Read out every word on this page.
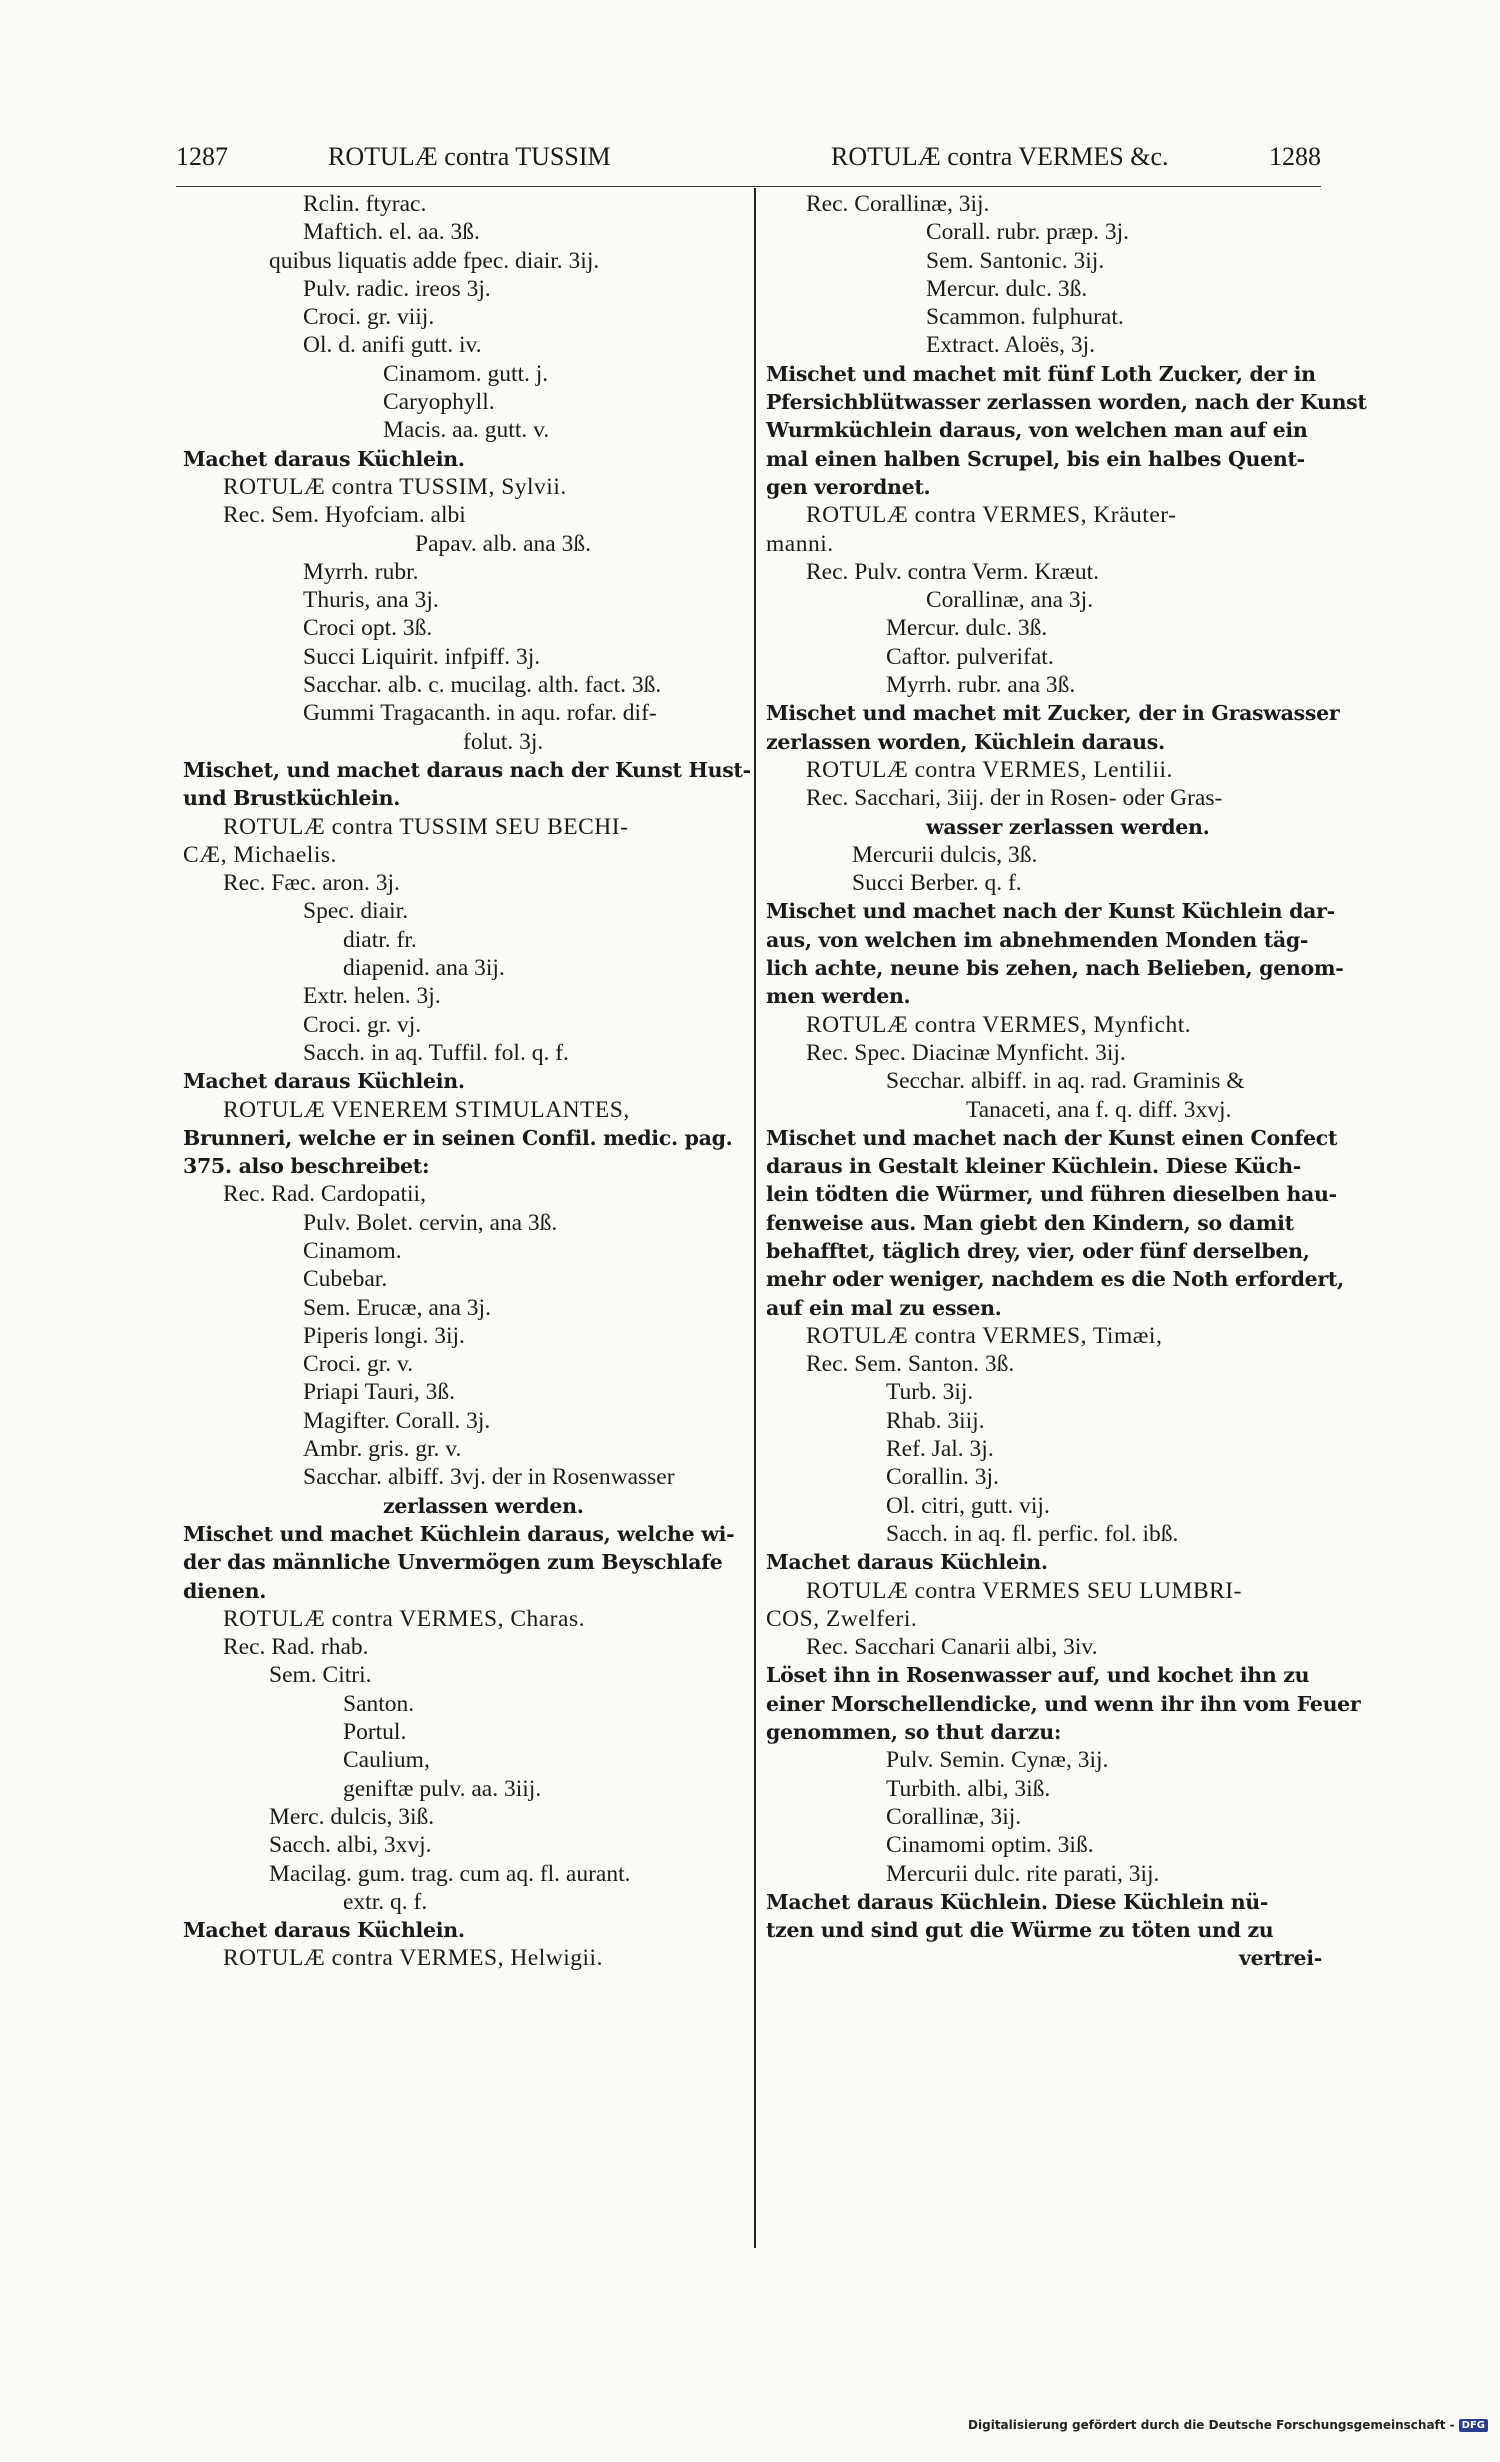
1287	ROTULÆ contra TUSSIM	ROTULÆ contra VERMES &c.	1288
Rclin. ftyrac.
Maftich. el. aa. 3ß.
quibus liquatis adde fpec. diair. 3ij.
Pulv. radic. ireos 3j.
Croci. gr. viij.
Ol. d. anifi gutt. iv.
Cinamom. gutt. j.
Caryophyll.
Macis. aa. gutt. v.
Machet daraus Küchlein.
ROTULÆ contra TUSSIM, Sylvii.
Rec. Sem. Hyofciam. albi
Papav. alb. ana 3ß.
Myrrh. rubr.
Thuris, ana 3j.
Croci opt. 3ß.
Succi Liquirit. infpiff. 3j.
Sacchar. alb. c. mucilag. alth. fact. 3ß.
Gummi Tragacanth. in aqu. rofar. dif-
folut. 3j.
Mischet, und machet daraus nach der Kunst Hust-
und Brustküchlein.
ROTULÆ contra TUSSIM SEU BECHI-
CÆ, Michaelis.
Rec. Fæc. aron. 3j.
Spec. diair.
diatr. fr.
diapenid. ana 3ij.
Extr. helen. 3j.
Croci. gr. vj.
Sacch. in aq. Tuffil. fol. q. f.
Machet daraus Küchlein.
ROTULÆ VENEREM STIMULANTES,
Brunneri, welche er in seinen Confil. medic. pag.
375. also beschreibet:
Rec. Rad. Cardopatii,
Pulv. Bolet. cervin, ana 3ß.
Cinamom.
Cubebar.
Sem. Erucæ, ana 3j.
Piperis longi. 3ij.
Croci. gr. v.
Priapi Tauri, 3ß.
Magifter. Corall. 3j.
Ambr. gris. gr. v.
Sacchar. albiff. 3vj. der in Rosenwasser
zerlassen werden.
Mischet und machet Küchlein daraus, welche wi-
der das männliche Unvermögen zum Beyschlafe
dienen.
ROTULÆ contra VERMES, Charas.
Rec. Rad. rhab.
Sem. Citri.
Santon.
Portul.
Caulium,
geniftæ pulv. aa. 3iij.
Merc. dulcis, 3iß.
Sacch. albi, 3xvj.
Macilag. gum. trag. cum aq. fl. aurant.
extr. q. f.
Machet daraus Küchlein.
ROTULÆ contra VERMES, Helwigii.
Rec. Corallinæ, 3ij.
Corall. rubr. præp. 3j.
Sem. Santonic. 3ij.
Mercur. dulc. 3ß.
Scammon. fulphurat.
Extract. Aloës, 3j.
Mischet und machet mit fünf Loth Zucker, der in
Pfersichblütwasser zerlassen worden, nach der Kunst
Wurmküchlein daraus, von welchen man auf ein
mal einen halben Scrupel, bis ein halbes Quent-
gen verordnet.
ROTULÆ contra VERMES, Kräuter-
manni.
Rec. Pulv. contra Verm. Kræut.
Corallinæ, ana 3j.
Mercur. dulc. 3ß.
Caftor. pulverifat.
Myrrh. rubr. ana 3ß.
Mischet und machet mit Zucker, der in Graswasser
zerlassen worden, Küchlein daraus.
ROTULÆ contra VERMES, Lentilii.
Rec. Sacchari, 3iij. der in Rosen- oder Gras-
wasser zerlassen werden.
Mercurii dulcis, 3ß.
Succi Berber. q. f.
Mischet und machet nach der Kunst Küchlein dar-
aus, von welchen im abnehmenden Monden täg-
lich achte, neune bis zehen, nach Belieben, genom-
men werden.
ROTULÆ contra VERMES, Mynficht.
Rec. Spec. Diacinæ Mynficht. 3ij.
Secchar. albiff. in aq. rad. Graminis &
Tanaceti, ana f. q. diff. 3xvj.
Mischet und machet nach der Kunst einen Confect
daraus in Gestalt kleiner Küchlein. Diese Küch-
lein tödten die Würmer, und führen dieselben hau-
fenweise aus. Man giebt den Kindern, so damit
behafftet, täglich drey, vier, oder fünf derselben,
mehr oder weniger, nachdem es die Noth erfordert,
auf ein mal zu essen.
ROTULÆ contra VERMES, Timæi,
Rec. Sem. Santon. 3ß.
Turb. 3ij.
Rhab. 3iij.
Ref. Jal. 3j.
Corallin. 3j.
Ol. citri, gutt. vij.
Sacch. in aq. fl. perfic. fol. ibß.
Machet daraus Küchlein.
ROTULÆ contra VERMES SEU LUMBRI-
COS, Zwelferi.
Rec. Sacchari Canarii albi, 3iv.
Löset ihn in Rosenwasser auf, und kochet ihn zu
einer Morschellendicke, und wenn ihr ihn vom Feuer
genommen, so thut darzu:
Pulv. Semin. Cynæ, 3ij.
Turbith. albi, 3iß.
Corallinæ, 3ij.
Cinamomi optim. 3iß.
Mercurii dulc. rite parati, 3ij.
Machet daraus Küchlein. Diese Küchlein nü-
tzen und sind gut die Würme zu töten und zu
vertrei-
Digitalisierung gefördert durch die Deutsche Forschungsgemeinschaft - DFG
